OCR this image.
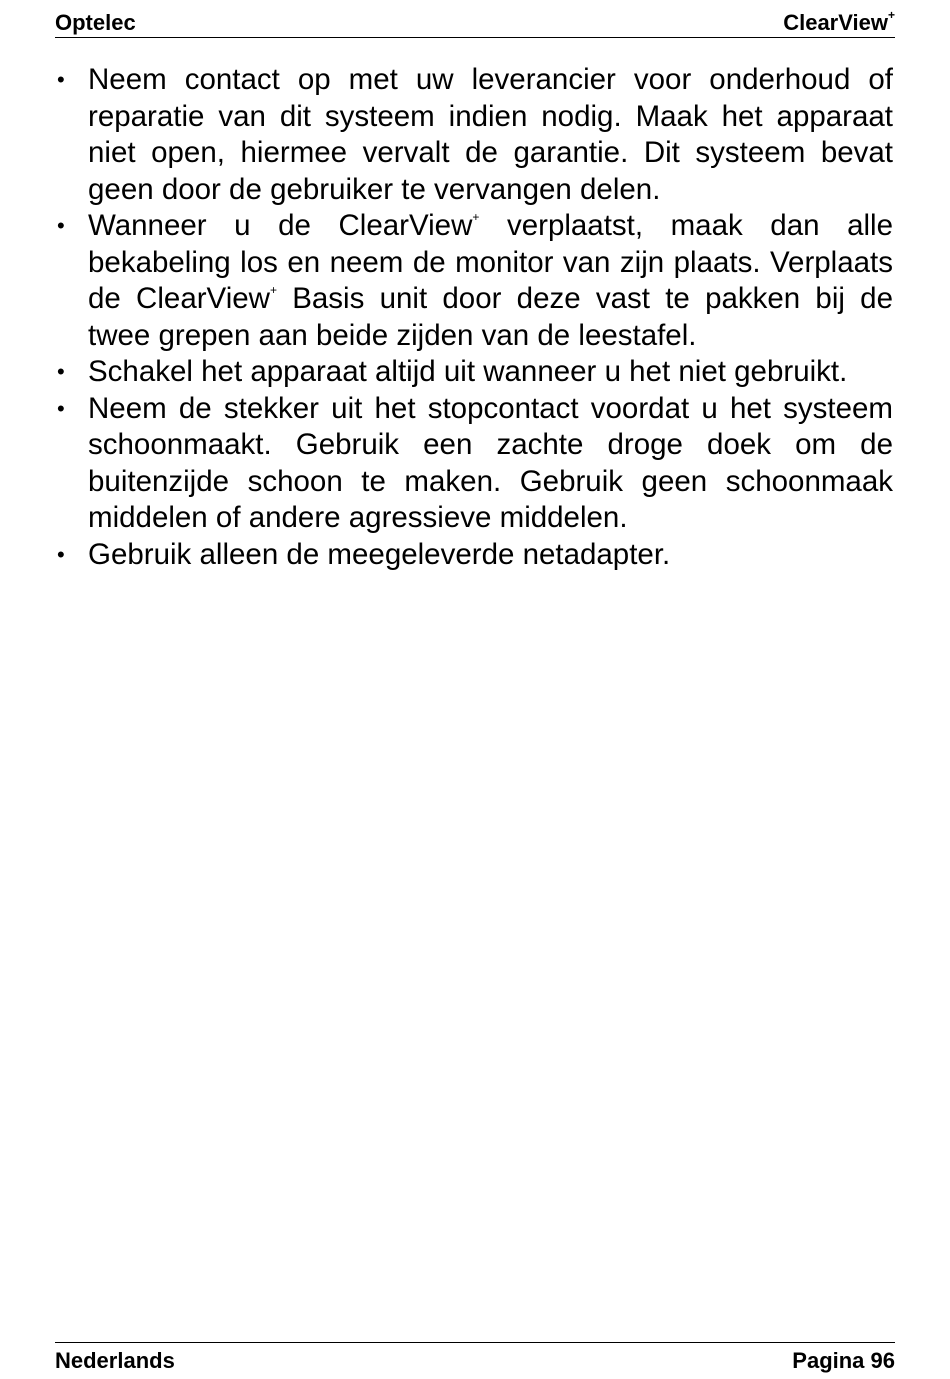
Optelec	ClearView+
• Neem contact op met uw leverancier voor onderhoud of reparatie van dit systeem indien nodig. Maak het apparaat niet open, hiermee vervalt de garantie. Dit systeem bevat geen door de gebruiker te vervangen delen.
• Wanneer u de ClearView+ verplaatst, maak dan alle bekabeling los en neem de monitor van zijn plaats. Verplaats de ClearView+ Basis unit door deze vast te pakken bij de twee grepen aan beide zijden van de leestafel.
• Schakel het apparaat altijd uit wanneer u het niet gebruikt.
• Neem de stekker uit het stopcontact voordat u het systeem schoonmaakt. Gebruik een zachte droge doek om de buitenzijde schoon te maken. Gebruik geen schoonmaak middelen of andere agressieve middelen.
• Gebruik alleen de meegeleverde netadapter.
Nederlands	Pagina 96
